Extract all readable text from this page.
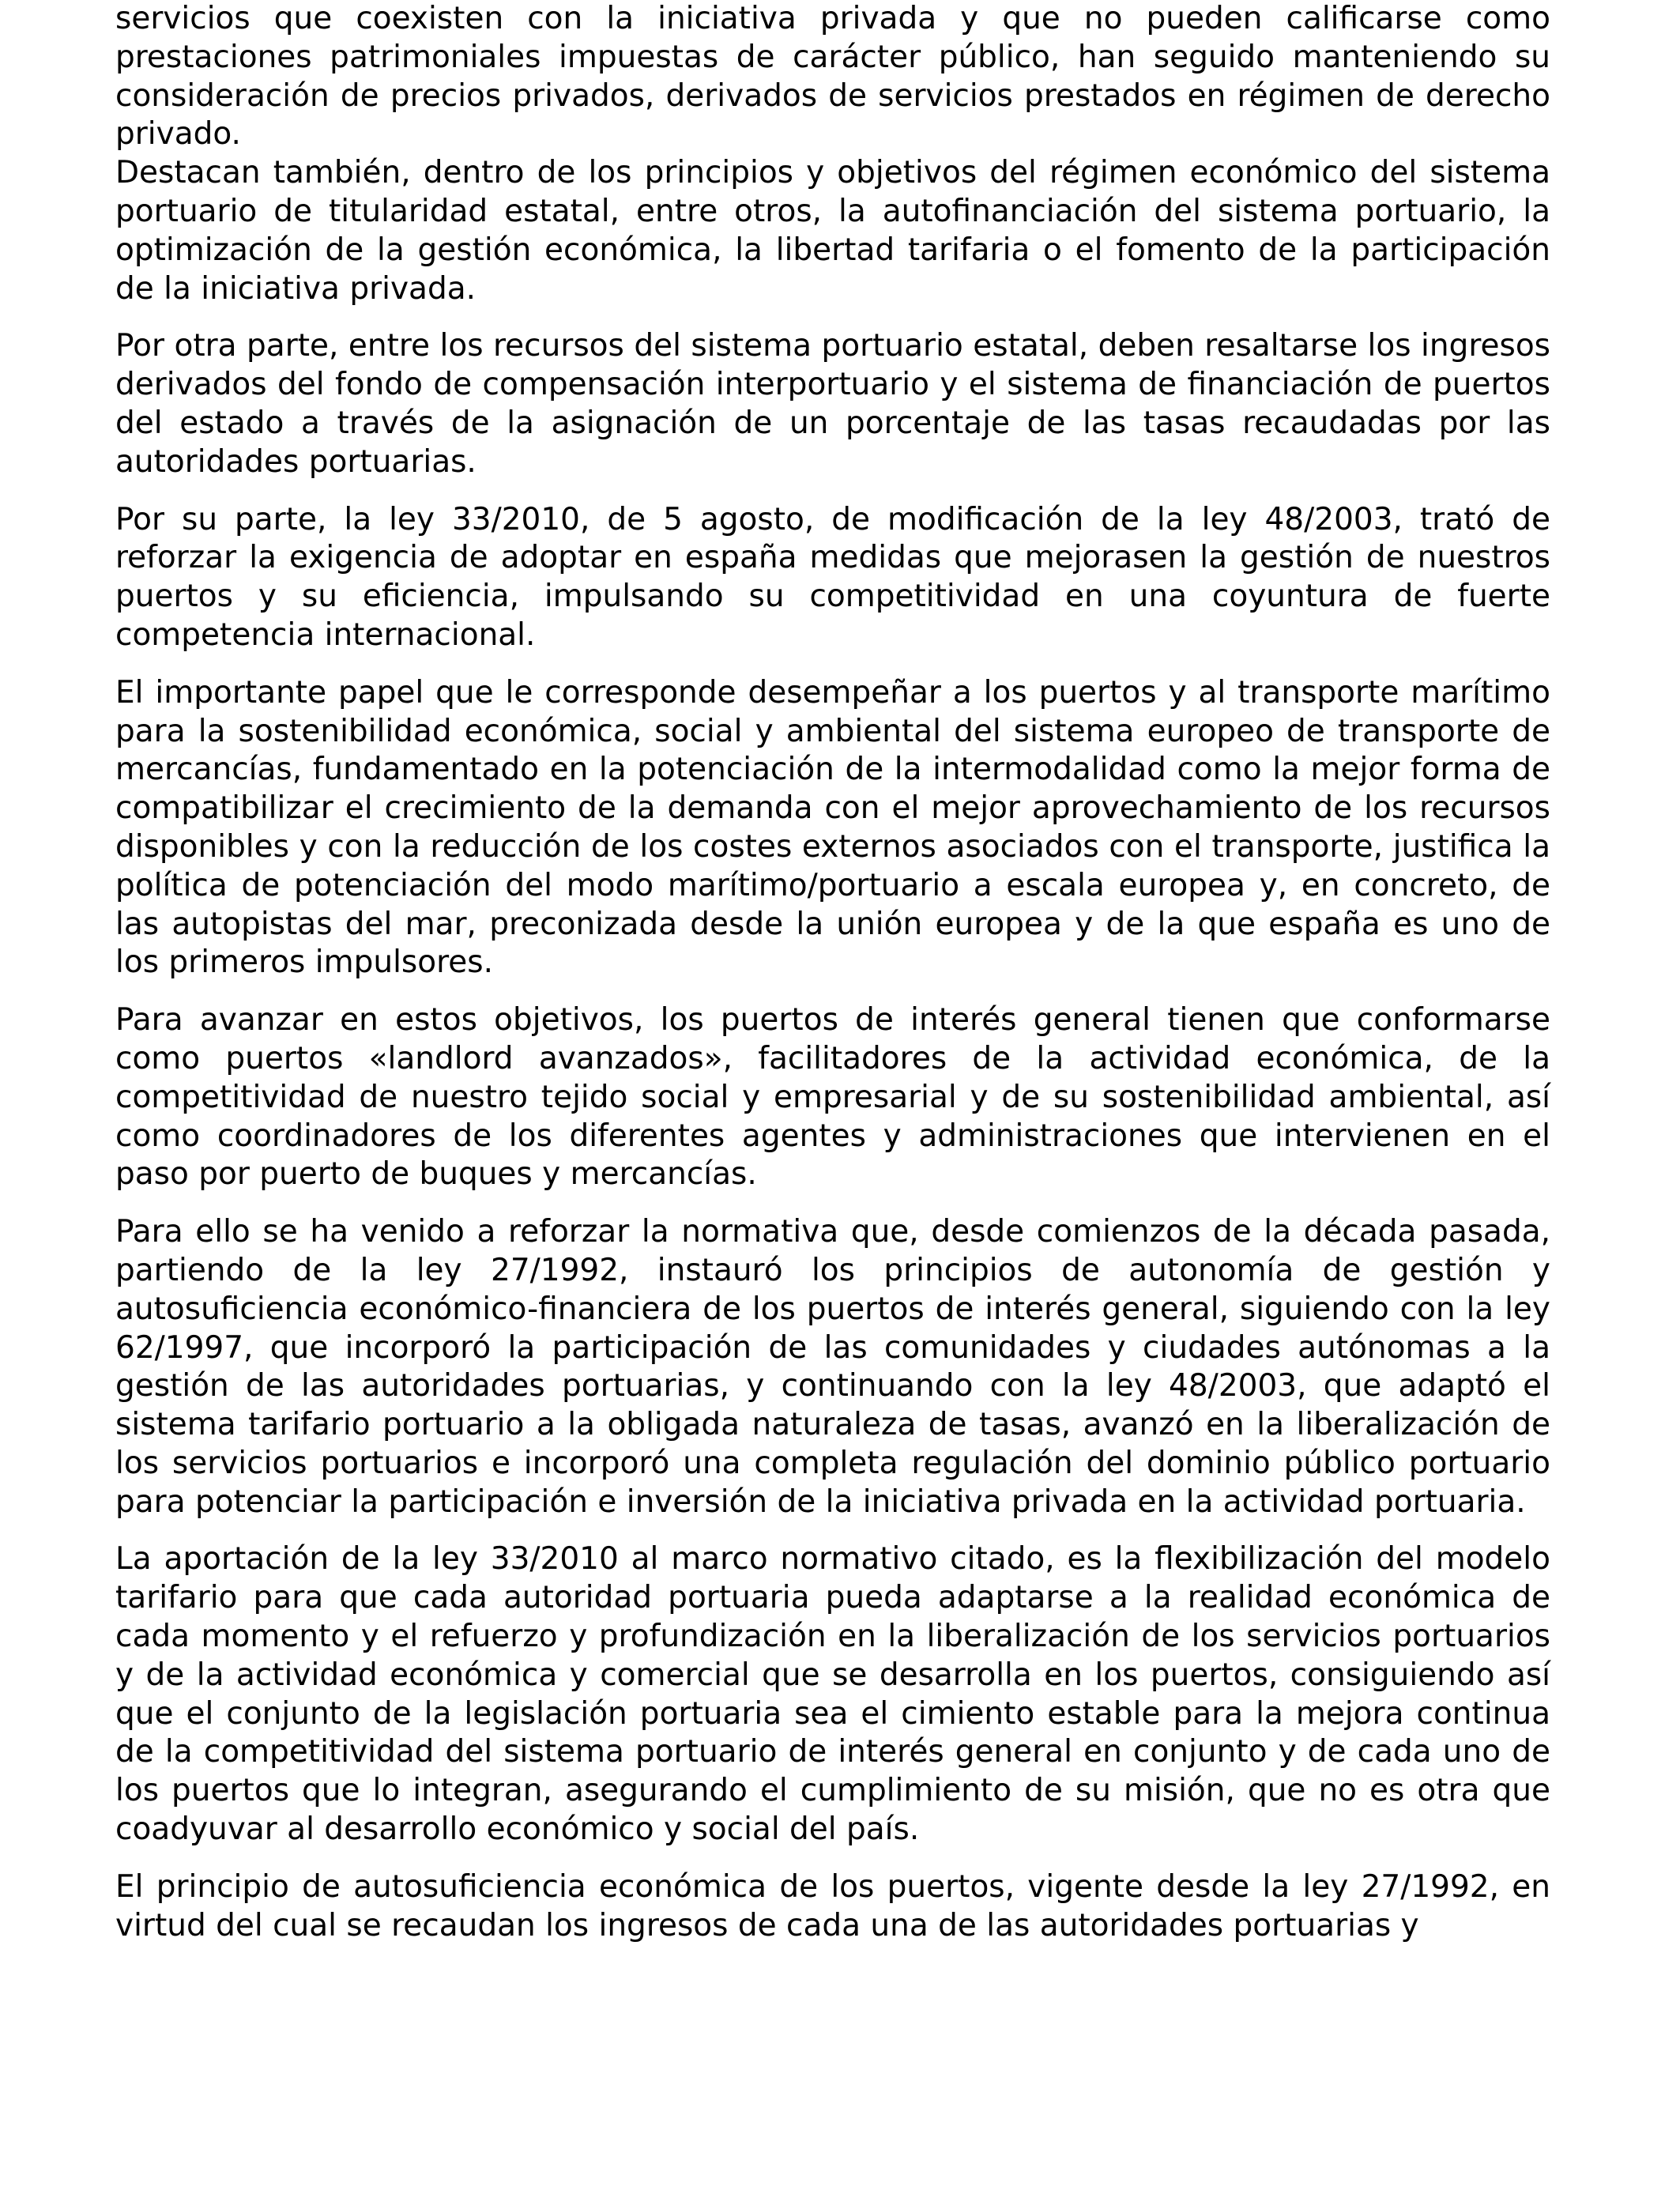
servicios que coexisten con la iniciativa privada y que no pueden calificarse como prestaciones patrimoniales impuestas de carácter público, han seguido manteniendo su consideración de precios privados, derivados de servicios prestados en régimen de derecho privado.

Destacan también, dentro de los principios y objetivos del régimen económico del sistema portuario de titularidad estatal, entre otros, la autofinanciación del sistema portuario, la optimización de la gestión económica, la libertad tarifaria o el fomento de la participación de la iniciativa privada.

Por otra parte, entre los recursos del sistema portuario estatal, deben resaltarse los ingresos derivados del fondo de compensación interportuario y el sistema de financiación de puertos del estado a través de la asignación de un porcentaje de las tasas recaudadas por las autoridades portuarias.

Por su parte, la ley 33/2010, de 5 agosto, de modificación de la ley 48/2003, trató de reforzar la exigencia de adoptar en españa medidas que mejorasen la gestión de nuestros puertos y su eficiencia, impulsando su competitividad en una coyuntura de fuerte competencia internacional.

El importante papel que le corresponde desempeñar a los puertos y al transporte marítimo para la sostenibilidad económica, social y ambiental del sistema europeo de transporte de mercancías, fundamentado en la potenciación de la intermodalidad como la mejor forma de compatibilizar el crecimiento de la demanda con el mejor aprovechamiento de los recursos disponibles y con la reducción de los costes externos asociados con el transporte, justifica la política de potenciación del modo marítimo/portuario a escala europea y, en concreto, de las autopistas del mar, preconizada desde la unión europea y de la que españa es uno de los primeros impulsores.

Para avanzar en estos objetivos, los puertos de interés general tienen que conformarse como puertos «landlord avanzados», facilitadores de la actividad económica, de la competitividad de nuestro tejido social y empresarial y de su sostenibilidad ambiental, así como coordinadores de los diferentes agentes y administraciones que intervienen en el paso por puerto de buques y mercancías.

Para ello se ha venido a reforzar la normativa que, desde comienzos de la década pasada, partiendo de la ley 27/1992, instauró los principios de autonomía de gestión y autosuficiencia económico-financiera de los puertos de interés general, siguiendo con la ley 62/1997, que incorporó la participación de las comunidades y ciudades autónomas a la gestión de las autoridades portuarias, y continuando con la ley 48/2003, que adaptó el sistema tarifario portuario a la obligada naturaleza de tasas, avanzó en la liberalización de los servicios portuarios e incorporó una completa regulación del dominio público portuario para potenciar la participación e inversión de la iniciativa privada en la actividad portuaria.

La aportación de la ley 33/2010 al marco normativo citado, es la flexibilización del modelo tarifario para que cada autoridad portuaria pueda adaptarse a la realidad económica de cada momento y el refuerzo y profundización en la liberalización de los servicios portuarios y de la actividad económica y comercial que se desarrolla en los puertos, consiguiendo así que el conjunto de la legislación portuaria sea el cimiento estable para la mejora continua de la competitividad del sistema portuario de interés general en conjunto y de cada uno de los puertos que lo integran, asegurando el cumplimiento de su misión, que no es otra que coadyuvar al desarrollo económico y social del país.

El principio de autosuficiencia económica de los puertos, vigente desde la ley 27/1992, en virtud del cual se recaudan los ingresos de cada una de las autoridades portuarias y
